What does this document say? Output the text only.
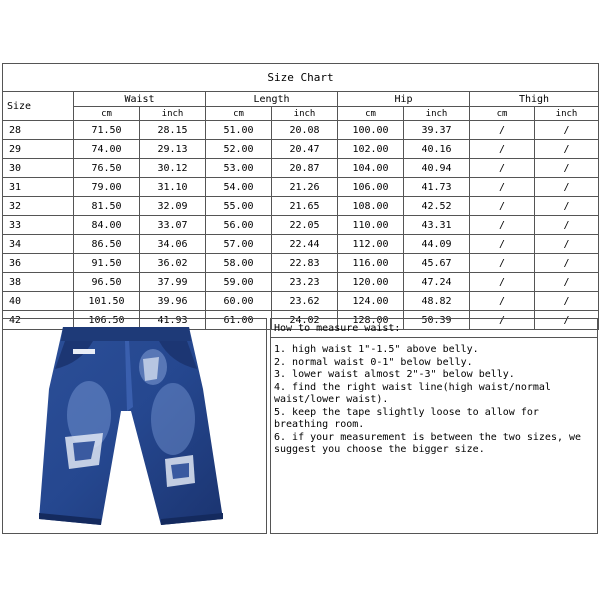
Size Chart								
Size	Waist		Length		Hip		Thigh	
	cm	inch	cm	inch	cm	inch	cm	inch
28	71.50	28.15	51.00	20.08	100.00	39.37	/	/
29	74.00	29.13	52.00	20.47	102.00	40.16	/	/
30	76.50	30.12	53.00	20.87	104.00	40.94	/	/
31	79.00	31.10	54.00	21.26	106.00	41.73	/	/
32	81.50	32.09	55.00	21.65	108.00	42.52	/	/
33	84.00	33.07	56.00	22.05	110.00	43.31	/	/
34	86.50	34.06	57.00	22.44	112.00	44.09	/	/
36	91.50	36.02	58.00	22.83	116.00	45.67	/	/
38	96.50	37.99	59.00	23.23	120.00	47.24	/	/
40	101.50	39.96	60.00	23.62	124.00	48.82	/	/
42	106.50	41.93	61.00	24.02	128.00	50.39	/	/
How to measure waist:
1. high waist 1"-1.5" above belly.
2. normal waist 0-1" below belly.
3. lower waist almost 2"-3" below belly.
4. find the right waist line(high waist/normal waist/lower waist).
5. keep the tape slightly loose to allow for breathing room.
6. if your measurement is between the two sizes, we suggest you choose the bigger size.
